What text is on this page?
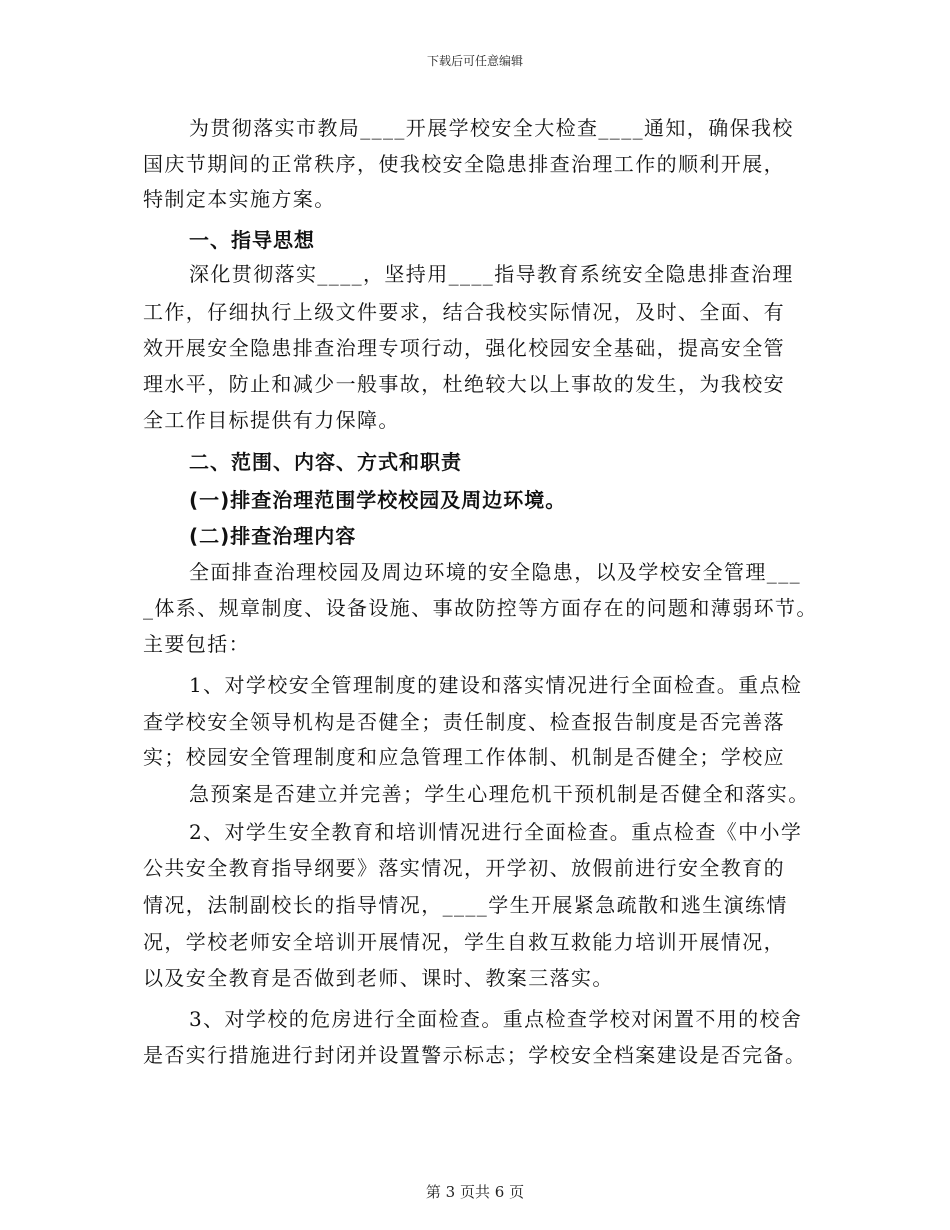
下载后可任意编辑
为贯彻落实市教局____开展学校安全大检查____通知，确保我校
国庆节期间的正常秩序，使我校安全隐患排查治理工作的顺利开展，
特制定本实施方案。
一、指导思想
深化贯彻落实____，坚持用____指导教育系统安全隐患排查治理
工作，仔细执行上级文件要求，结合我校实际情况，及时、全面、有
效开展安全隐患排查治理专项行动，强化校园安全基础，提高安全管
理水平，防止和减少一般事故，杜绝较大以上事故的发生，为我校安
全工作目标提供有力保障。
二、范围、内容、方式和职责
(一)排查治理范围学校校园及周边环境。
(二)排查治理内容
全面排查治理校园及周边环境的安全隐患，以及学校安全管理___
_体系、规章制度、设备设施、事故防控等方面存在的问题和薄弱环节。
主要包括：
1、对学校安全管理制度的建设和落实情况进行全面检查。重点检
查学校安全领导机构是否健全；责任制度、检查报告制度是否完善落
实；校园安全管理制度和应急管理工作体制、机制是否健全；学校应
急预案是否建立并完善；学生心理危机干预机制是否健全和落实。
2、对学生安全教育和培训情况进行全面检查。重点检查《中小学
公共安全教育指导纲要》落实情况，开学初、放假前进行安全教育的
情况，法制副校长的指导情况，____学生开展紧急疏散和逃生演练情
况，学校老师安全培训开展情况，学生自救互救能力培训开展情况，
以及安全教育是否做到老师、课时、教案三落实。
3、对学校的危房进行全面检查。重点检查学校对闲置不用的校舍
是否实行措施进行封闭并设置警示标志；学校安全档案建设是否完备。
第 3 页共 6 页
